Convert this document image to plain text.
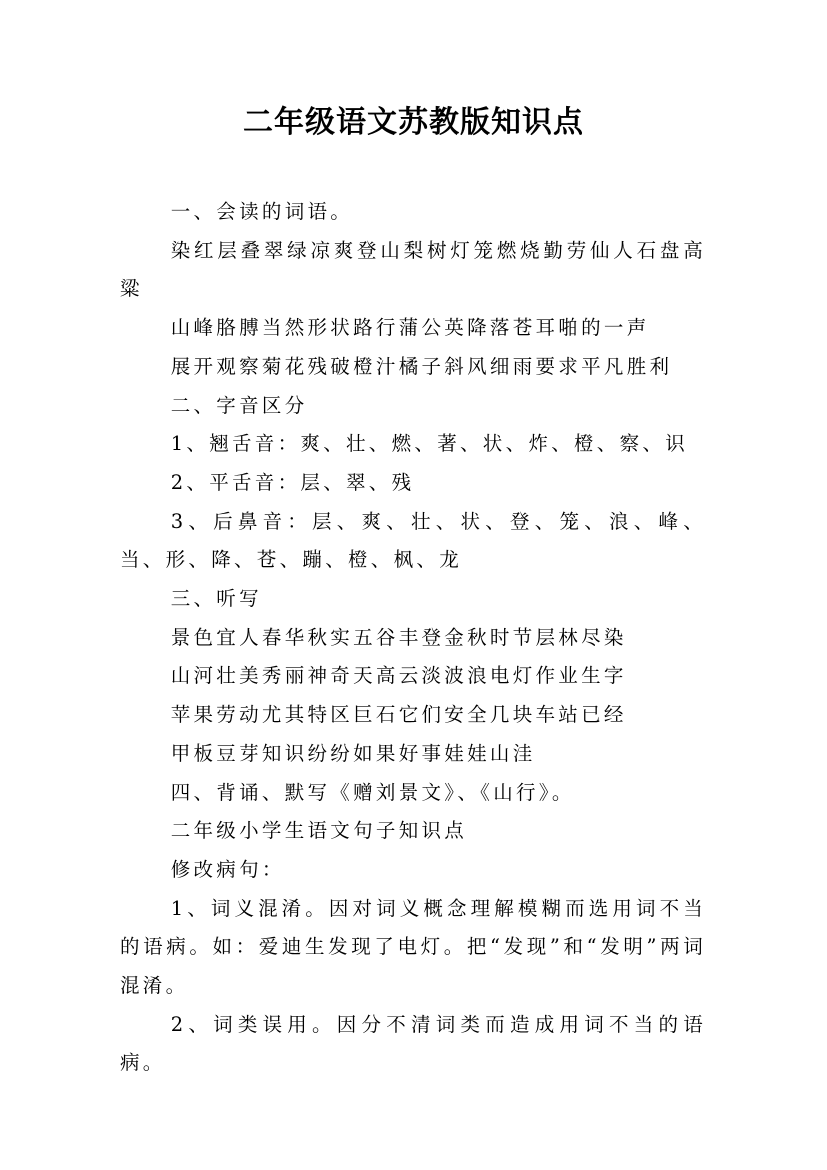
二年级语文苏教版知识点

一、会读的词语。

染红层叠翠绿凉爽登山梨树灯笼燃烧勤劳仙人石盘高粱

山峰胳膊当然形状路行蒲公英降落苍耳啪的一声

展开观察菊花残破橙汁橘子斜风细雨要求平凡胜利

二、字音区分

1、翘舌音：爽、壮、燃、著、状、炸、橙、察、识

2、平舌音：层、翠、残

3、后鼻音：层、爽、壮、状、登、笼、浪、峰、当、形、降、苍、蹦、橙、枫、龙

三、听写

景色宜人春华秋实五谷丰登金秋时节层林尽染

山河壮美秀丽神奇天高云淡波浪电灯作业生字

苹果劳动尤其特区巨石它们安全几块车站已经

甲板豆芽知识纷纷如果好事娃娃山洼

四、背诵、默写《赠刘景文》、《山行》。

二年级小学生语文句子知识点

修改病句：

1、词义混淆。因对词义概念理解模糊而选用词不当的语病。如：爱迪生发现了电灯。把“发现”和“发明”两词混淆。

2、词类误用。因分不清词类而造成用词不当的语病。
